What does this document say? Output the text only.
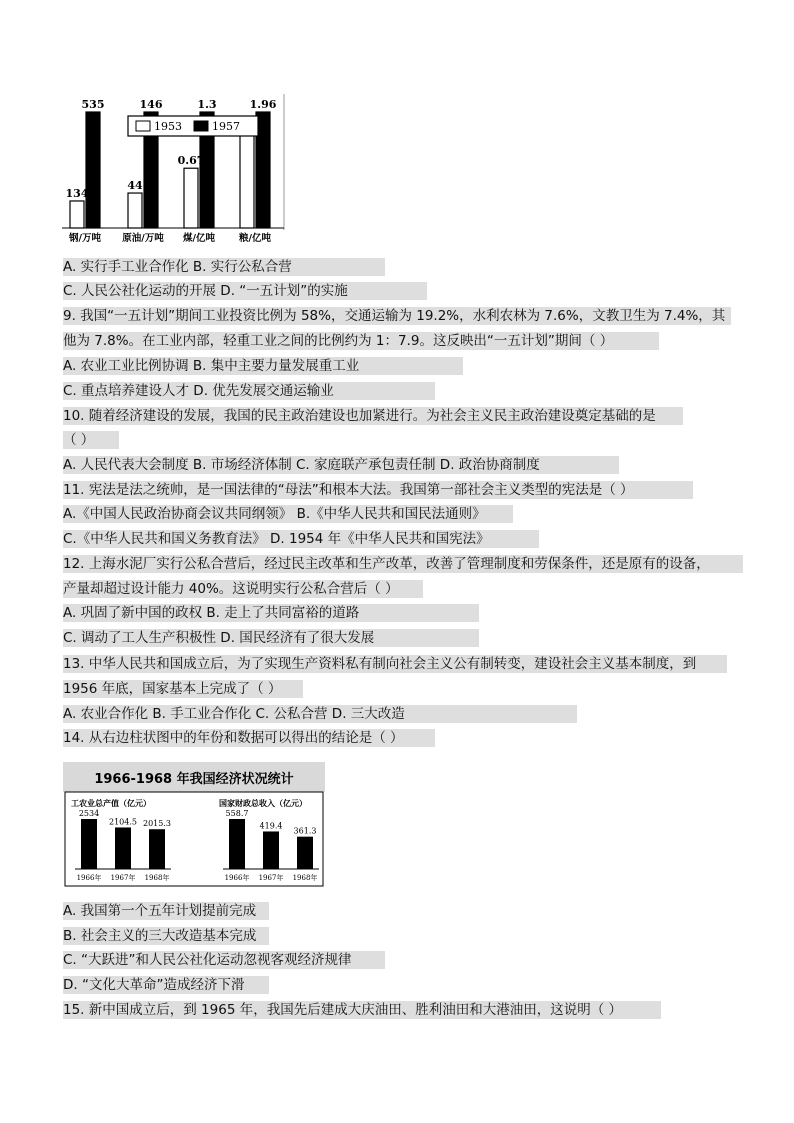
134
535
44
146
0.67
1.3	1.96
钢/万吨 原油/万吨 煤/亿吨	粮/亿吨
1953	1957
A. 实行手工业合作化 B. 实行公私合营
C. 人民公社化运动的开展 D. “一五计划”的实施
9. 我国“一五计划”期间工业投资比例为 58%，交通运输为 19.2%，水利农林为 7.6%，文教卫生为 7.4%，其
他为 7.8%。在工业内部，轻重工业之间的比例约为 1：7.9。这反映出“一五计划”期间（ ）
A. 农业工业比例协调 B. 集中主要力量发展重工业
C. 重点培养建设人才 D. 优先发展交通运输业
10. 随着经济建设的发展，我国的民主政治建设也加紧进行。为社会主义民主政治建设奠定基础的是
（ ）
A. 人民代表大会制度 B. 市场经济体制 C. 家庭联产承包责任制 D. 政治协商制度
11. 宪法是法之统帅，是一国法律的“母法”和根本大法。我国第一部社会主义类型的宪法是（ ）
A.《中国人民政治协商会议共同纲领》 B.《中华人民共和国民法通则》
C.《中华人民共和国义务教育法》 D. 1954 年《中华人民共和国宪法》
12. 上海水泥厂实行公私合营后，经过民主改革和生产改革，改善了管理制度和劳保条件，还是原有的设备，
产量却超过设计能力 40%。这说明实行公私合营后（ ）
A. 巩固了新中国的政权 B. 走上了共同富裕的道路
C. 调动了工人生产积极性 D. 国民经济有了很大发展
13. 中华人民共和国成立后，为了实现生产资料私有制向社会主义公有制转变，建设社会主义基本制度，到
1956 年底，国家基本上完成了（ ）
A. 农业合作化 B. 手工业合作化 C. 公私合营 D. 三大改造
14. 从右边柱状图中的年份和数据可以得出的结论是（ ）
A. 我国第一个五年计划提前完成
B. 社会主义的三大改造基本完成
C. “大跃进”和人民公社化运动忽视客观经济规律
D. “文化大革命”造成经济下滑
15. 新中国成立后，到 1965 年，我国先后建成大庆油田、胜利油田和大港油田，这说明（ ）
1966-1968 年我国经济状况统计
工农业总产值（亿元）
2534
1966年
2104.5
1967年
2015.3
1968年
国家财政总收入（亿元）
558.7
1966年
419.4
1967年
361.3
1968年
